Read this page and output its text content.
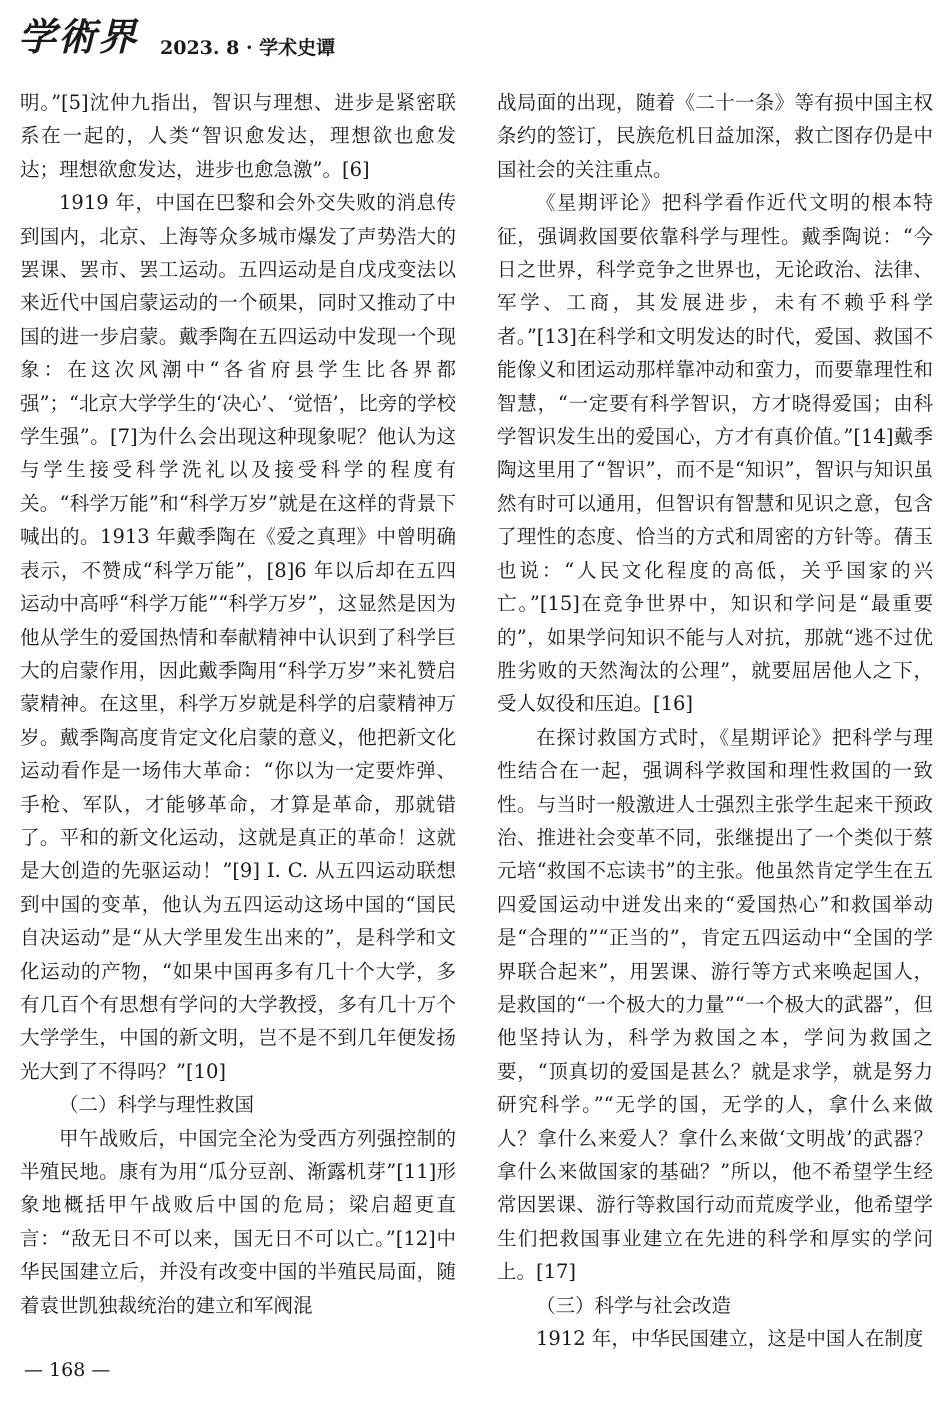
学術界 2023. 8 · 学术史谭

明。”[5]沈仲九指出，智识与理想、进步是紧密联系在一起的，人类“智识愈发达，理想欲也愈发达；理想欲愈发达，进步也愈急激”。[6]

1919 年，中国在巴黎和会外交失败的消息传到国内，北京、上海等众多城市爆发了声势浩大的罢课、罢市、罢工运动。五四运动是自戊戌变法以来近代中国启蒙运动的一个硕果，同时又推动了中国的进一步启蒙。戴季陶在五四运动中发现一个现象：在这次风潮中“各省府县学生比各界都强”；“北京大学学生的‘决心’、‘觉悟’，比旁的学校学生强”。[7]为什么会出现这种现象呢？他认为这与学生接受科学洗礼以及接受科学的程度有关。“科学万能”和“科学万岁”就是在这样的背景下喊出的。1913 年戴季陶在《爱之真理》中曾明确表示，不赞成“科学万能”，[8]6 年以后却在五四运动中高呼“科学万能”“科学万岁”，这显然是因为他从学生的爱国热情和奉献精神中认识到了科学巨大的启蒙作用，因此戴季陶用“科学万岁”来礼赞启蒙精神。在这里，科学万岁就是科学的启蒙精神万岁。戴季陶高度肯定文化启蒙的意义，他把新文化运动看作是一场伟大革命：“你以为一定要炸弹、手枪、军队，才能够革命，才算是革命，那就错了。平和的新文化运动，这就是真正的革命！这就是大创造的先驱运动！”[9] I. C. 从五四运动联想到中国的变革，他认为五四运动这场中国的“国民自决运动”是“从大学里发生出来的”，是科学和文化运动的产物，“如果中国再多有几十个大学，多有几百个有思想有学问的大学教授，多有几十万个大学学生，中国的新文明，岂不是不到几年便发扬光大到了不得吗？”[10]

（二）科学与理性救国

甲午战败后，中国完全沦为受西方列强控制的半殖民地。康有为用“瓜分豆剖、渐露机芽”[11]形象地概括甲午战败后中国的危局；梁启超更直言：“敌无日不可以来，国无日不可以亡。”[12]中华民国建立后，并没有改变中国的半殖民局面，随着袁世凯独裁统治的建立和军阀混

战局面的出现，随着《二十一条》等有损中国主权条约的签订，民族危机日益加深，救亡图存仍是中国社会的关注重点。

《星期评论》把科学看作近代文明的根本特征，强调救国要依靠科学与理性。戴季陶说：“今日之世界，科学竞争之世界也，无论政治、法律、军学、工商，其发展进步，未有不赖乎科学者。”[13]在科学和文明发达的时代，爱国、救国不能像义和团运动那样靠冲动和蛮力，而要靠理性和智慧，“一定要有科学智识，方才晓得爱国；由科学智识发生出的爱国心，方才有真价值。”[14]戴季陶这里用了“智识”，而不是“知识”，智识与知识虽然有时可以通用，但智识有智慧和见识之意，包含了理性的态度、恰当的方式和周密的方针等。蒨玉也说：“人民文化程度的高低，关乎国家的兴亡。”[15]在竞争世界中，知识和学问是“最重要的”，如果学问知识不能与人对抗，那就“逃不过优胜劣败的天然淘汰的公理”，就要屈居他人之下，受人奴役和压迫。[16]

在探讨救国方式时，《星期评论》把科学与理性结合在一起，强调科学救国和理性救国的一致性。与当时一般激进人士强烈主张学生起来干预政治、推进社会变革不同，张继提出了一个类似于蔡元培“救国不忘读书”的主张。他虽然肯定学生在五四爱国运动中迸发出来的“爱国热心”和救国举动是“合理的”“正当的”，肯定五四运动中“全国的学界联合起来”，用罢课、游行等方式来唤起国人，是救国的“一个极大的力量”“一个极大的武器”，但他坚持认为，科学为救国之本，学问为救国之要，“顶真切的爱国是甚么？就是求学，就是努力研究科学。”“无学的国，无学的人，拿什么来做人？拿什么来爱人？拿什么来做‘文明战’的武器？拿什么来做国家的基础？”所以，他不希望学生经常因罢课、游行等救国行动而荒废学业，他希望学生们把救国事业建立在先进的科学和厚实的学问上。[17]

（三）科学与社会改造

1912 年，中华民国建立，这是中国人在制度

— 168 —
